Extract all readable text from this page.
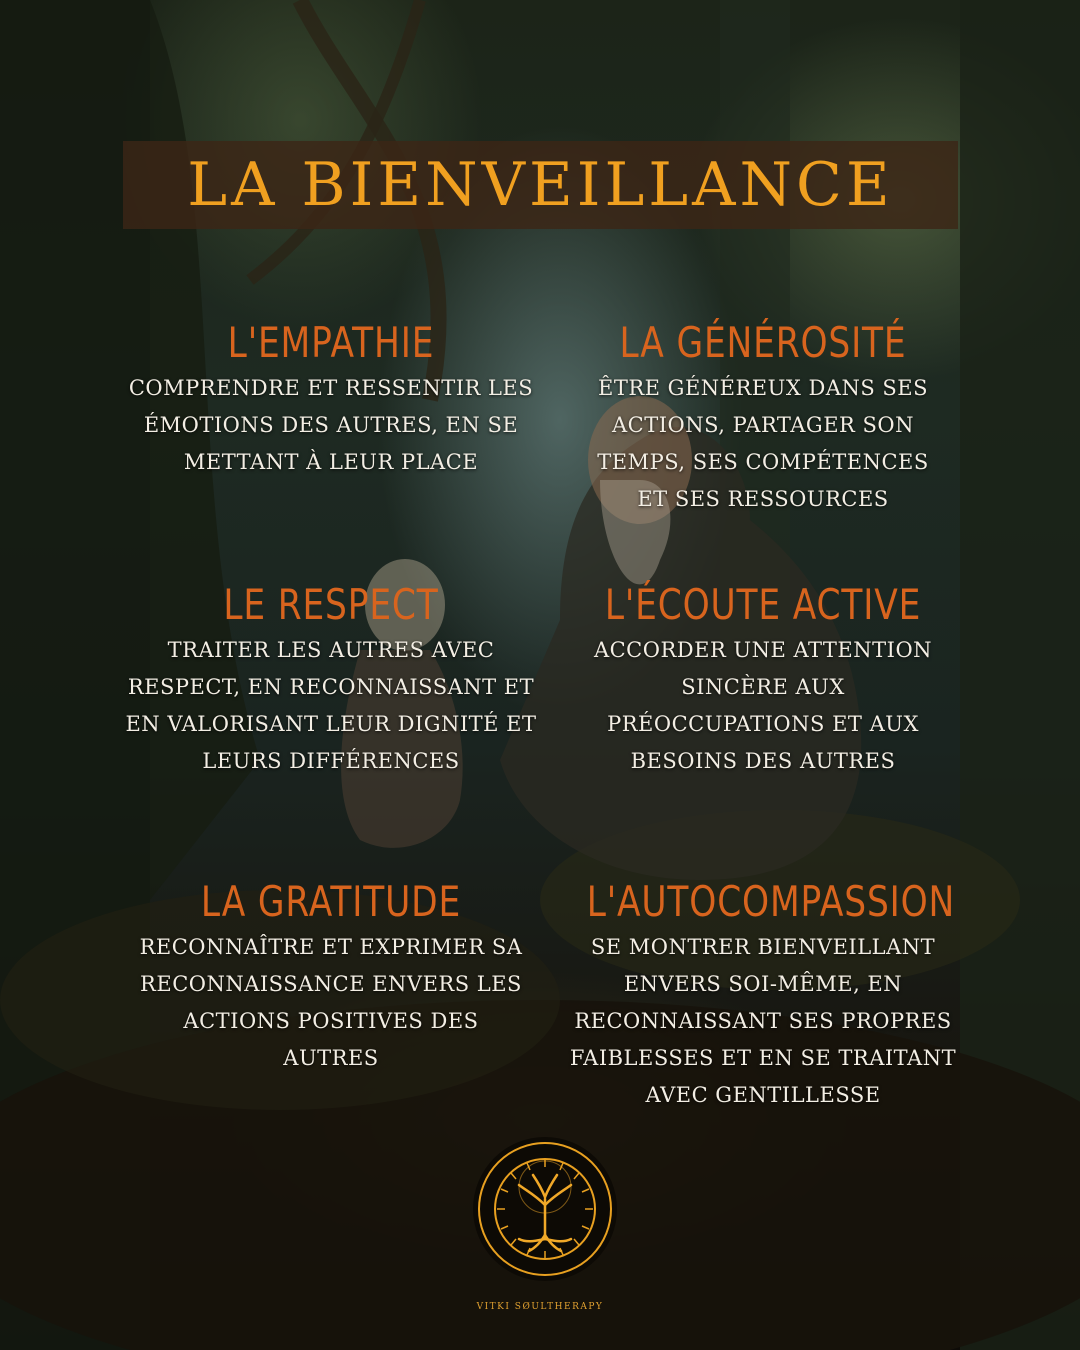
LA BIENVEILLANCE
L'EMPATHIE
COMPRENDRE ET RESSENTIR LES ÉMOTIONS DES AUTRES, EN SE METTANT À LEUR PLACE
LA GÉNÉROSITÉ
ÊTRE GÉNÉREUX DANS SES ACTIONS, PARTAGER SON TEMPS, SES COMPÉTENCES ET SES RESSOURCES
LE RESPECT
TRAITER LES AUTRES AVEC RESPECT, EN RECONNAISSANT ET EN VALORISANT LEUR DIGNITÉ ET LEURS DIFFÉRENCES
L'ÉCOUTE ACTIVE
ACCORDER UNE ATTENTION SINCÈRE AUX PRÉOCCUPATIONS ET AUX BESOINS DES AUTRES
LA GRATITUDE
RECONNAÎTRE ET EXPRIMER SA RECONNAISSANCE ENVERS LES ACTIONS POSITIVES DES AUTRES
L'AUTOCOMPASSION
SE MONTRER BIENVEILLANT ENVERS SOI-MÊME, EN RECONNAISSANT SES PROPRES FAIBLESSES ET EN SE TRAITANT AVEC GENTILLESSE
VITKI SØULTHERAPY
